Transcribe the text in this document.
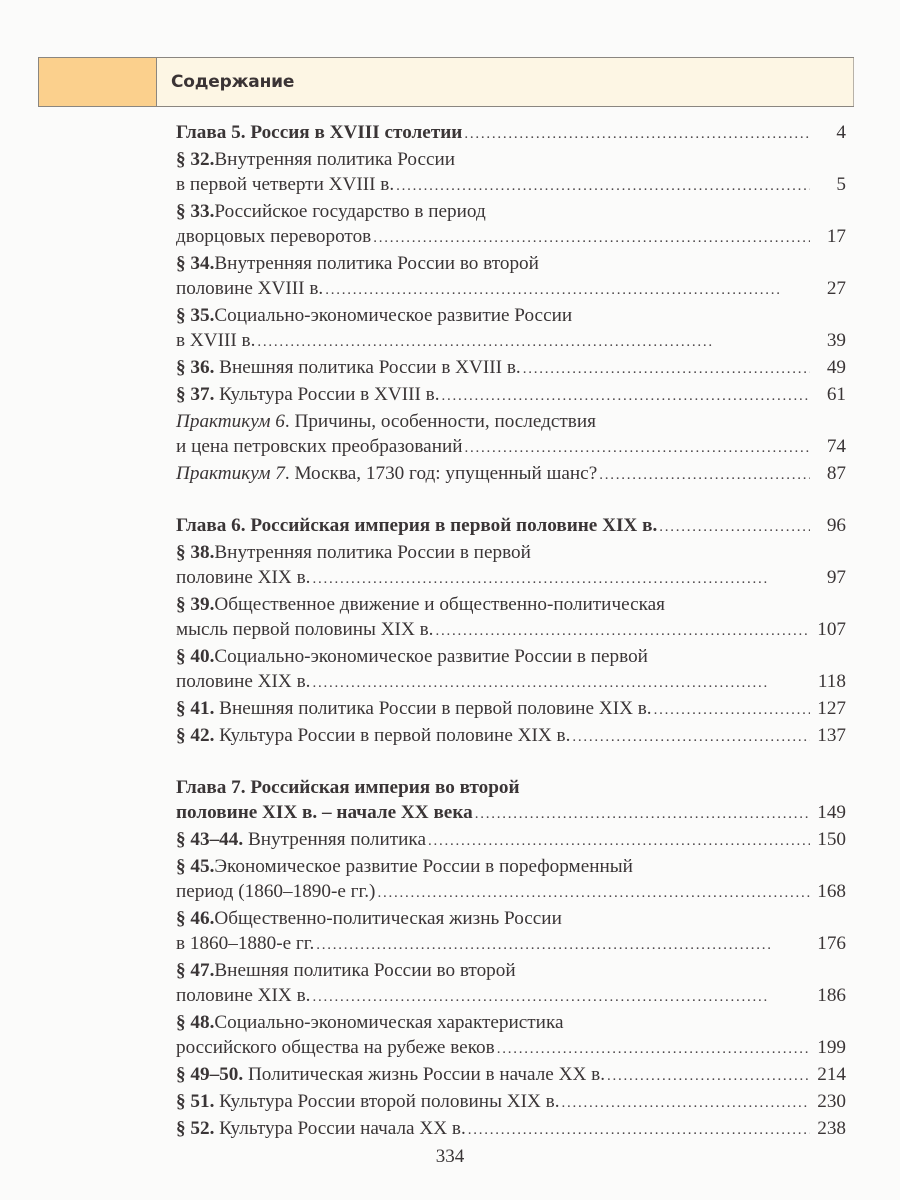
Содержание
Глава 5. Россия в XVIII столетии . . .	4
§ 32. Внутренняя политика России
в первой четверти XVIII в. . . .	5
§ 33. Российское государство в период
дворцовых переворотов . . .	17
§ 34. Внутренняя политика России во второй
половине XVIII в. . . .	27
§ 35. Социально-экономическое развитие России
в XVIII в. . . .	39
§ 36. Внешняя политика России в XVIII в. . . .	49
§ 37. Культура России в XVIII в. . . .	61
Практикум 6 . Причины, особенности, последствия
и цена петровских преобразований . . .	74
Практикум 7. Москва, 1730 год: упущенный шанс? . . .	87
Глава 6. Российская империя в первой половине XIX в. . . .	96
§ 38. Внутренняя политика России в первой
половине XIX в. . . .	97
§ 39. Общественное движение и общественно-политическая
мысль первой половины XIX в. . . .	107
§ 40. Социально-экономическое развитие России в первой
половине XIX в. . . .	118
§ 41. Внешняя политика России в первой половине XIX в. . . .	127
§ 42. Культура России в первой половине XIX в. . . .	137
Глава 7. Российская империя во второй
половине XIX в. – начале XX века . . .	149
§ 43–44. Внутренняя политика . . .	150
§ 45. Экономическое развитие России в пореформенный
период (1860–1890-е гг.) . . .	168
§ 46. Общественно-политическая жизнь России
в 1860–1880-е гг. . . .	176
§ 47. Внешняя политика России во второй
половине XIX в. . . .	186
§ 48. Социально-экономическая характеристика
российского общества на рубеже веков . . .	199
§ 49–50. Политическая жизнь России в начале XX в. . . .	214
§ 51. Культура России второй половины XIX в. . . .	230
§ 52. Культура России начала XX в. . . .	238
334
